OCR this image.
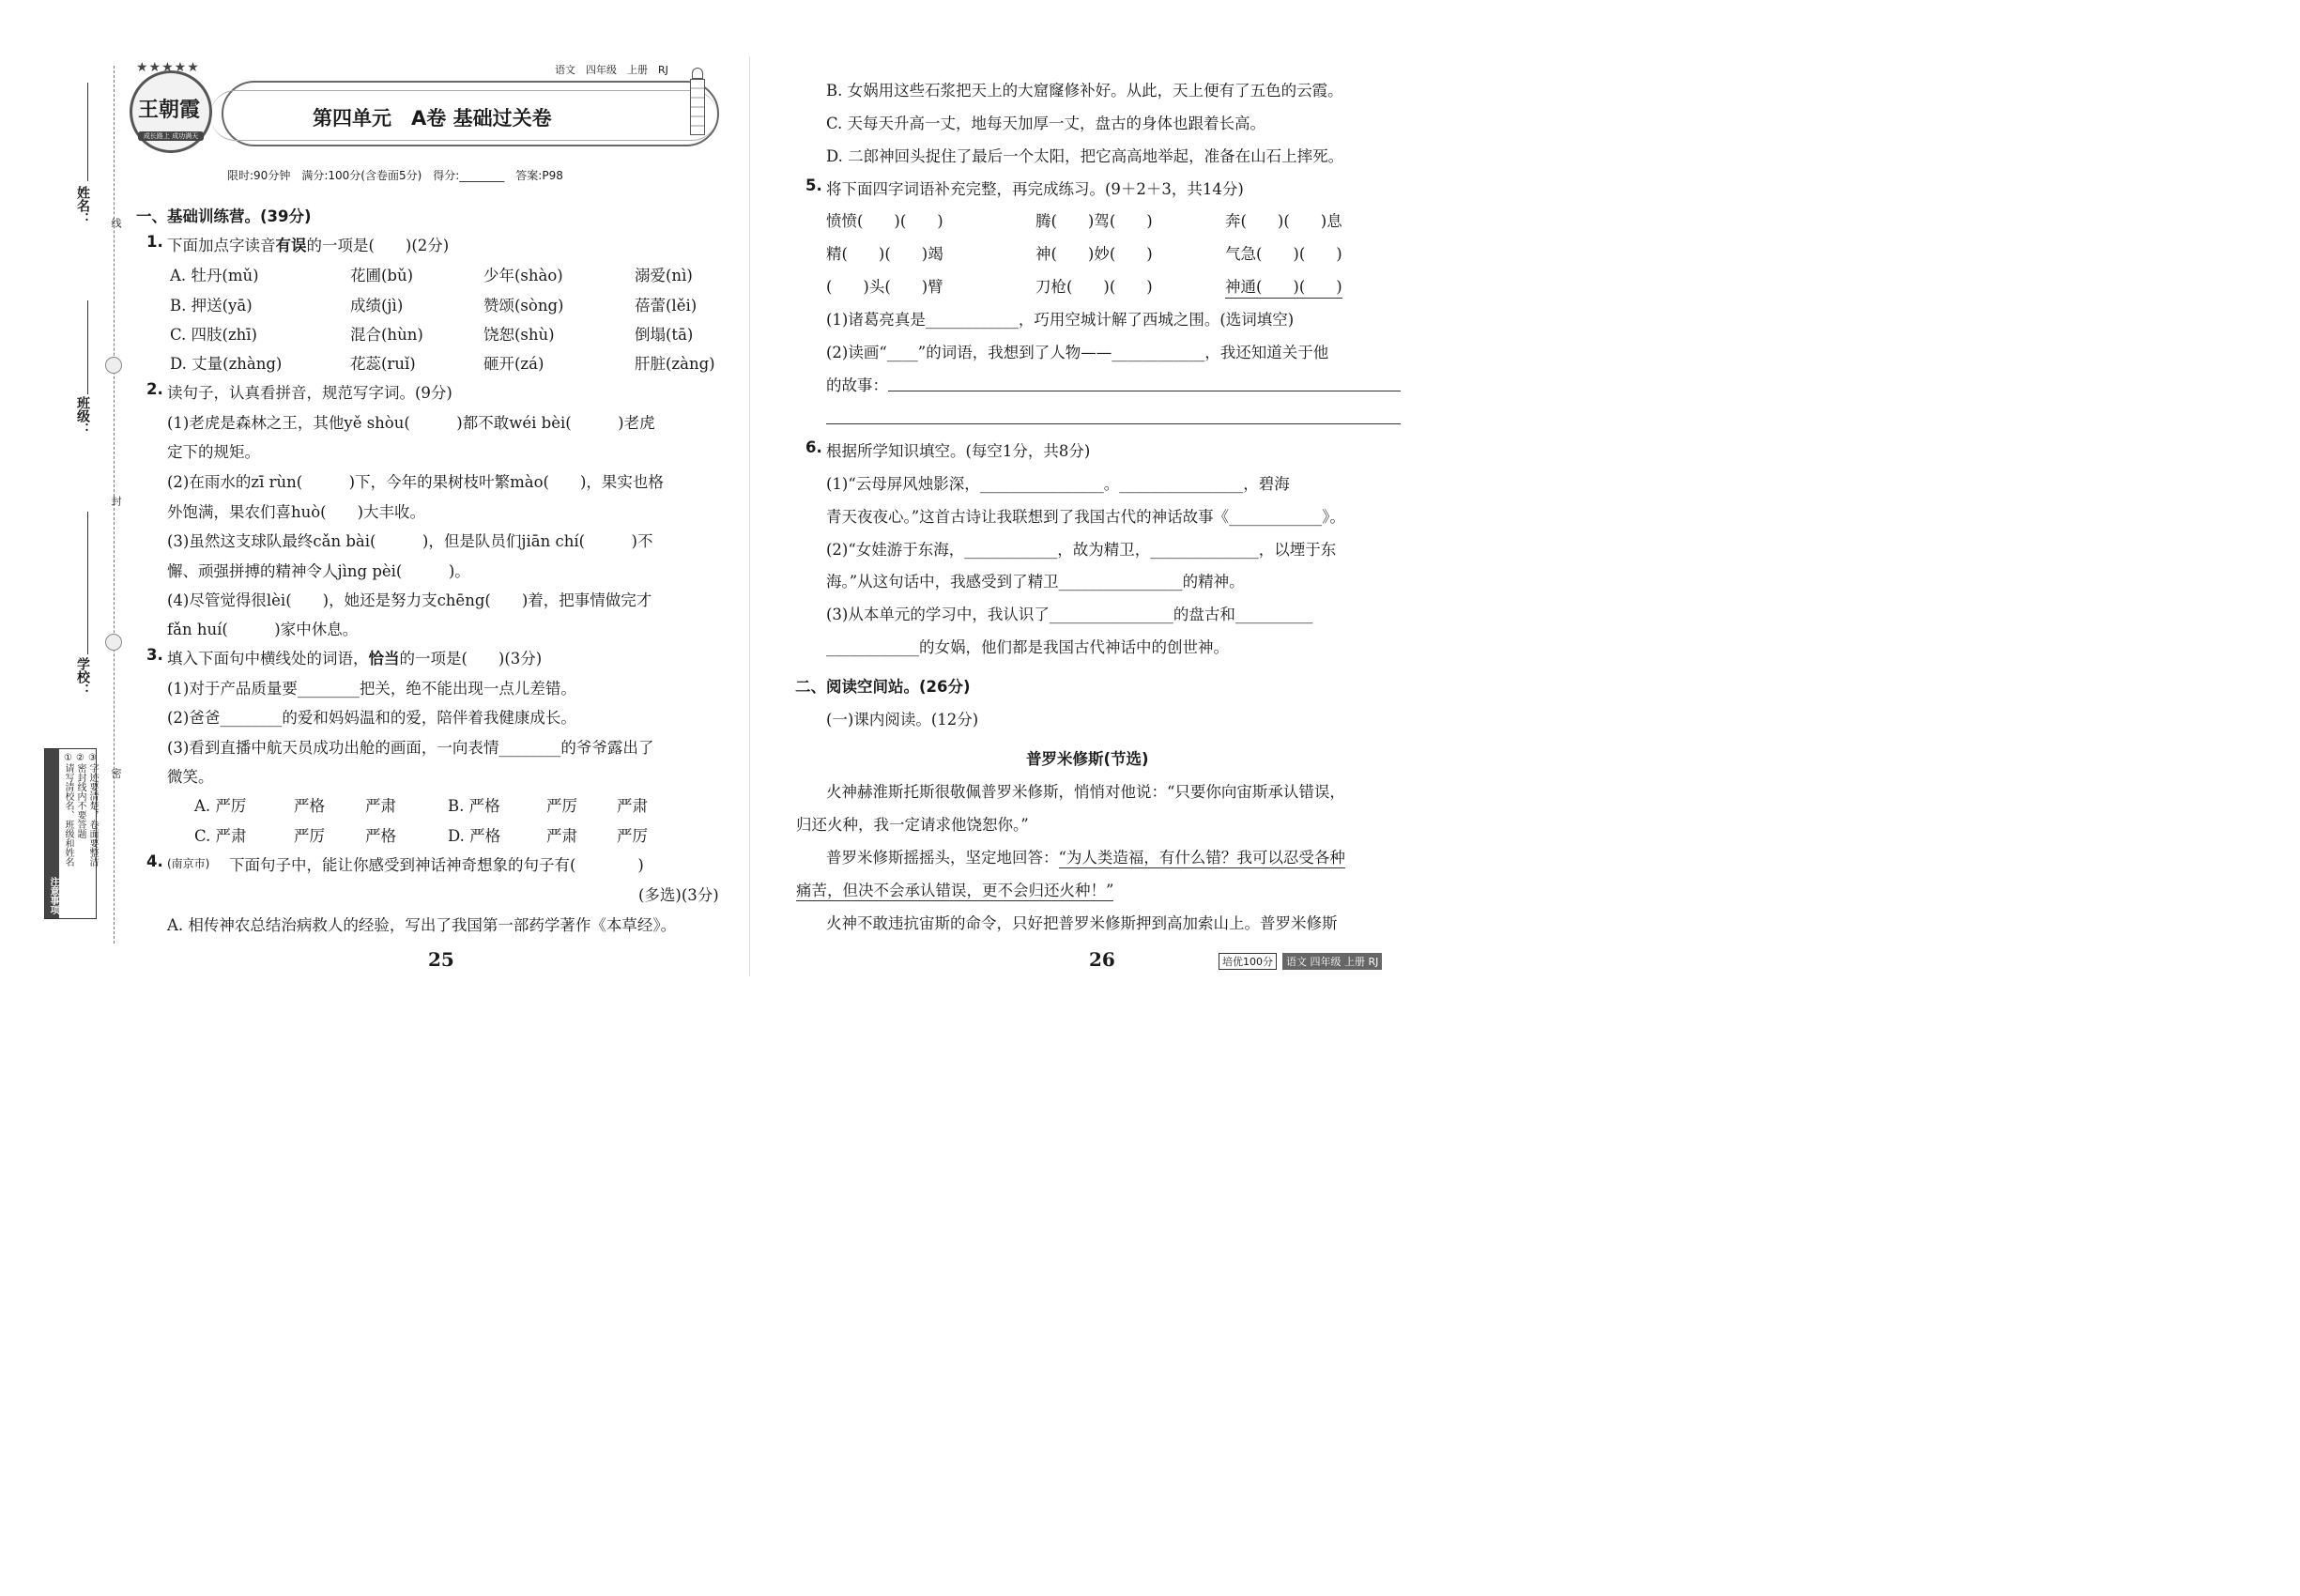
线
封
密
姓名：
班级：
学校：
注意事项
①请写清校名、班级和姓名 ②密封线内不要答题 ③字迹要清楚，卷面要整洁
★★★★★
王朝霞
成长路上 成功满天
语文　四年级　上册　RJ
第四单元　A卷 基础过关卷
限时:90分钟　满分:100分(含卷面5分)　得分:________　答案:P98
一、基础训练营。(39分)
1. 下面加点字读音有误的一项是(　　)(2分)
A. 牡丹(mǔ)	花圃(bǔ)	少年(shào)	溺爱(nì)
B. 押送(yā)	成绩(jì)	赞颂(sòng)	蓓蕾(lěi)
C. 四肢(zhī)	混合(hùn)	饶恕(shù)	倒塌(tā)
D. 丈量(zhàng)	花蕊(ruǐ)	砸开(zá)	肝脏(zàng)
2. 读句子，认真看拼音，规范写字词。(9分)
(1)老虎是森林之王，其他yě shòu(　　　)都不敢wéi bèi(　　　)老虎
定下的规矩。
(2)在雨水的zī rùn(　　　)下，今年的果树枝叶繁mào(　　)，果实也格
外饱满，果农们喜huò(　　)大丰收。
(3)虽然这支球队最终cǎn bài(　　　)，但是队员们jiān chí(　　　)不
懈、顽强拼搏的精神令人jìng pèi(　　　)。
(4)尽管觉得很lèi(　　)，她还是努力支chēng(　　)着，把事情做完才
fǎn huí(　　　)家中休息。
3. 填入下面句中横线处的词语，恰当的一项是(　　)(3分)
(1)对于产品质量要________把关，绝不能出现一点儿差错。
(2)爸爸________的爱和妈妈温和的爱，陪伴着我健康成长。
(3)看到直播中航天员成功出舱的画面，一向表情________的爷爷露出了
微笑。
A. 严厉	严格	严肃	B. 严格	严厉	严肃
C. 严肃	严厉	严格	D. 严格	严肃	严厉
4. (南京市) 下面句子中，能让你感受到神话神奇想象的句子有(　　　　)
(多选)(3分)
A. 相传神农总结治病救人的经验，写出了我国第一部药学著作《本草经》。
25
B. 女娲用这些石浆把天上的大窟窿修补好。从此，天上便有了五色的云霞。
C. 天每天升高一丈，地每天加厚一丈，盘古的身体也跟着长高。
D. 二郎神回头捉住了最后一个太阳，把它高高地举起，准备在山石上摔死。
5. 将下面四字词语补充完整，再完成练习。(9＋2＋3，共14分)
愤愤(　　)(　　)	腾(　　)驾(　　)	奔(　　)(　　)息
精(　　)(　　)竭	神(　　)妙(　　)	气急(　　)(　　)
(　　)头(　　)臂	刀枪(　　)(　　)	神通(　　)(　　)
(1)诸葛亮真是____________，巧用空城计解了西城之围。(选词填空)
(2)读画“____”的词语，我想到了人物——____________，我还知道关于他
的故事：
6. 根据所学知识填空。(每空1分，共8分)
(1)“云母屏风烛影深，________________。________________，碧海
青天夜夜心。”这首古诗让我联想到了我国古代的神话故事《____________》。
(2)“女娃游于东海，____________，故为精卫，______________，以堙于东
海。”从这句话中，我感受到了精卫________________的精神。
(3)从本单元的学习中，我认识了________________的盘古和__________
____________的女娲，他们都是我国古代神话中的创世神。
二、阅读空间站。(26分)
(一)课内阅读。(12分)
普罗米修斯(节选)
火神赫淮斯托斯很敬佩普罗米修斯，悄悄对他说：“只要你向宙斯承认错误，
归还火种，我一定请求他饶恕你。”
普罗米修斯摇摇头，坚定地回答：“为人类造福，有什么错？我可以忍受各种
痛苦，但决不会承认错误，更不会归还火种！”
火神不敢违抗宙斯的命令，只好把普罗米修斯押到高加索山上。普罗米修斯
26	培优100分	语文 四年级 上册 RJ
